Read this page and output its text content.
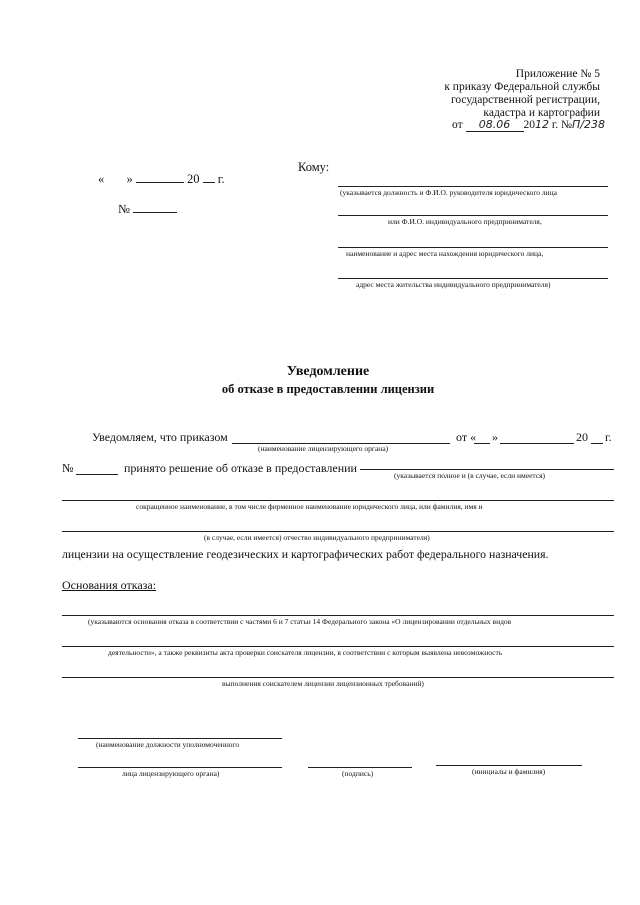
Приложение № 5
к приказу Федеральной службы
государственной регистрации,
кадастра и картографии
от 08.06 2012 г. №П/238
« »	20 г.
№
Кому:
(указывается должность и Ф.И.О. руководителя юридического лица
или Ф.И.О. индивидуального предпринимателя,
наименование и адрес места нахождения юридического лица,
адрес места жительства индивидуального предпринимателя)
Уведомление
об отказе в предоставлении лицензии
Уведомляем, что приказом
(наименование лицензирующего органа)
от « »	20 г.
№	принято решение об отказе в предоставлении
(указывается полное и (в случае, если имеется)
сокращенное наименование, в том числе фирменное наименование юридического лица, или фамилия, имя и
(в случае, если имеется) отчество индивидуального предпринимателя)
лицензии на осуществление геодезических и картографических работ федерального назначения.
Основания отказа:
(указываются основания отказа в соответствии с частями 6 и 7 статьи 14 Федерального закона «О лицензировании отдельных видов
деятельности», а также реквизиты акта проверки соискателя лицензии, в соответствии с которым выявлена невозможность
выполнения соискателем лицензии лицензионных требований)
(наименование должности уполномоченного
лица лицензирующего органа)	(подпись)	(инициалы и фамилия)
